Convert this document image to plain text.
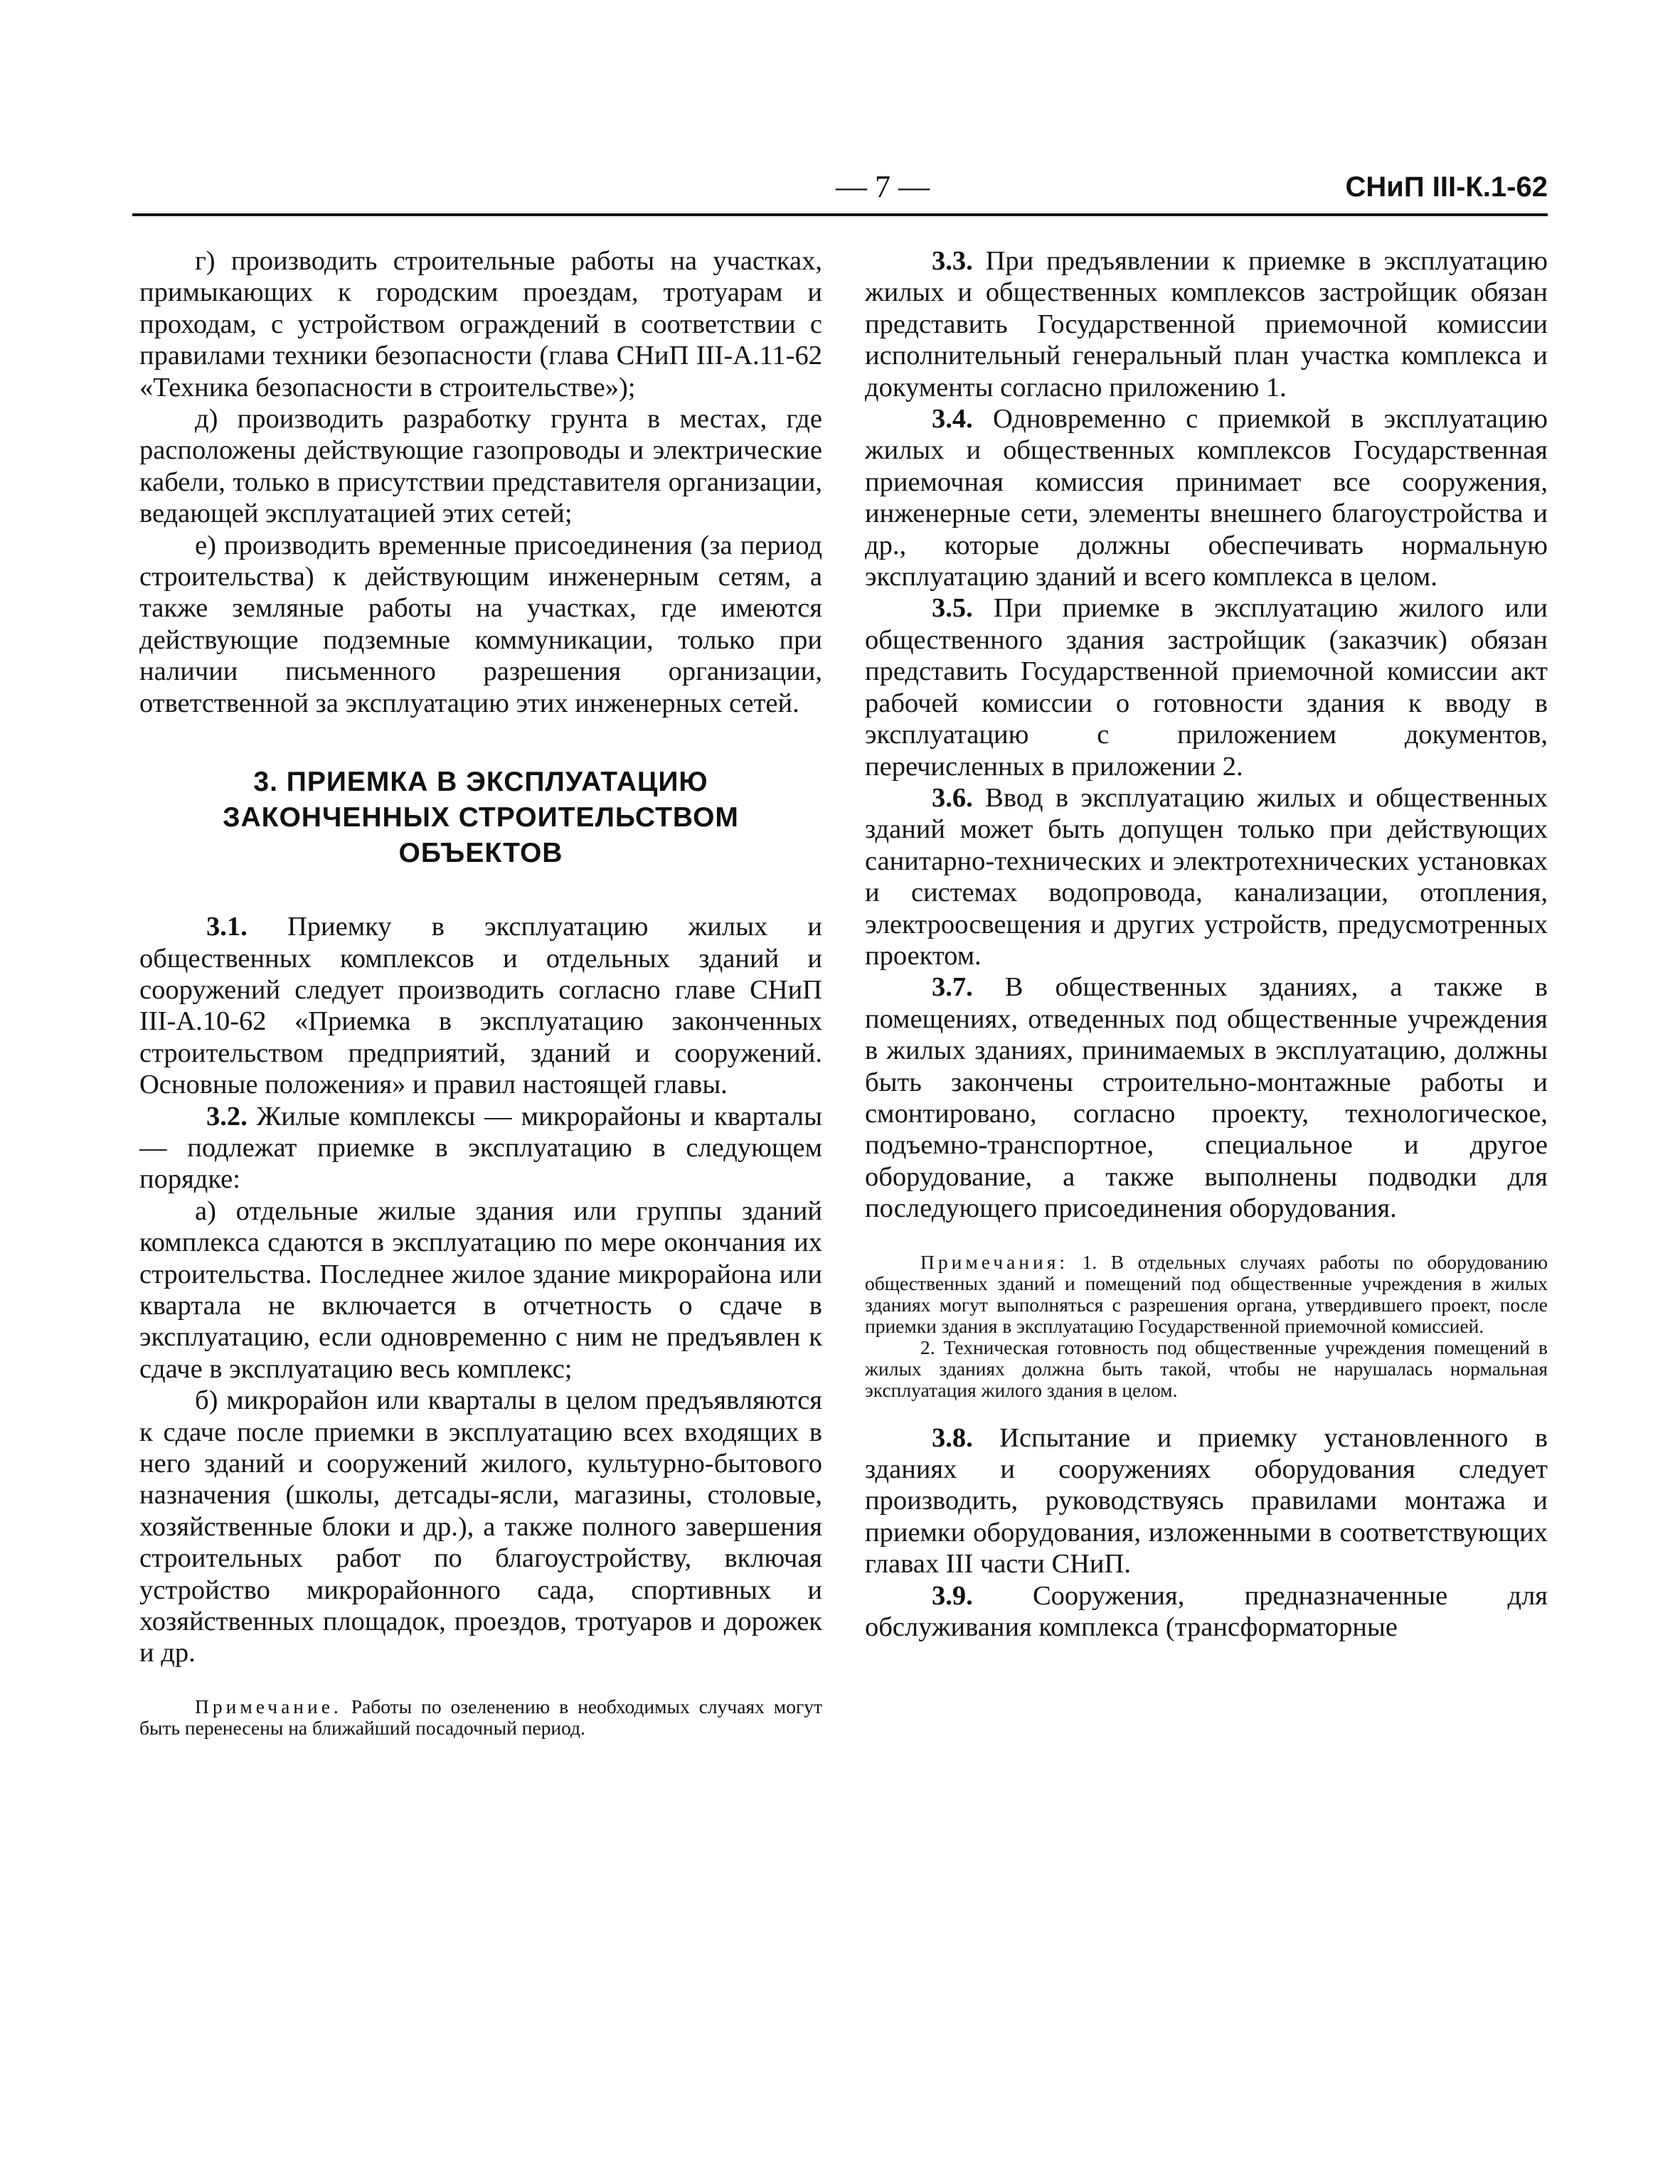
— 7 —	СНиП III-К.1-62

г) производить строительные работы на участках, примыкающих к городским проездам, тротуарам и проходам, с устройством ограждений в соответствии с правилами техники безопасности (глава СНиП III-А.11-62 «Техника безопасности в строительстве»);

д) производить разработку грунта в местах, где расположены действующие газопроводы и электрические кабели, только в присутствии представителя организации, ведающей эксплуатацией этих сетей;

е) производить временные присоединения (за период строительства) к действующим инженерным сетям, а также земляные работы на участках, где имеются действующие подземные коммуникации, только при наличии письменного разрешения организации, ответственной за эксплуатацию этих инженерных сетей.

3. ПРИЕМКА В ЭКСПЛУАТАЦИЮ ЗАКОНЧЕННЫХ СТРОИТЕЛЬСТВОМ ОБЪЕКТОВ

3.1. Приемку в эксплуатацию жилых и общественных комплексов и отдельных зданий и сооружений следует производить согласно главе СНиП III-А.10-62 «Приемка в эксплуатацию законченных строительством предприятий, зданий и сооружений. Основные положения» и правил настоящей главы.

3.2. Жилые комплексы — микрорайоны и кварталы — подлежат приемке в эксплуатацию в следующем порядке:

а) отдельные жилые здания или группы зданий комплекса сдаются в эксплуатацию по мере окончания их строительства. Последнее жилое здание микрорайона или квартала не включается в отчетность о сдаче в эксплуатацию, если одновременно с ним не предъявлен к сдаче в эксплуатацию весь комплекс;

б) микрорайон или кварталы в целом предъявляются к сдаче после приемки в эксплуатацию всех входящих в него зданий и сооружений жилого, культурно-бытового назначения (школы, детсады-ясли, магазины, столовые, хозяйственные блоки и др.), а также полного завершения строительных работ по благоустройству, включая устройство микрорайонного сада, спортивных и хозяйственных площадок, проездов, тротуаров и дорожек и др.

Примечание. Работы по озеленению в необходимых случаях могут быть перенесены на ближайший посадочный период.

3.3. При предъявлении к приемке в эксплуатацию жилых и общественных комплексов застройщик обязан представить Государственной приемочной комиссии исполнительный генеральный план участка комплекса и документы согласно приложению 1.

3.4. Одновременно с приемкой в эксплуатацию жилых и общественных комплексов Государственная приемочная комиссия принимает все сооружения, инженерные сети, элементы внешнего благоустройства и др., которые должны обеспечивать нормальную эксплуатацию зданий и всего комплекса в целом.

3.5. При приемке в эксплуатацию жилого или общественного здания застройщик (заказчик) обязан представить Государственной приемочной комиссии акт рабочей комиссии о готовности здания к вводу в эксплуатацию с приложением документов, перечисленных в приложении 2.

3.6. Ввод в эксплуатацию жилых и общественных зданий может быть допущен только при действующих санитарно-технических и электротехнических установках и системах водопровода, канализации, отопления, электроосвещения и других устройств, предусмотренных проектом.

3.7. В общественных зданиях, а также в помещениях, отведенных под общественные учреждения в жилых зданиях, принимаемых в эксплуатацию, должны быть закончены строительно-монтажные работы и смонтировано, согласно проекту, технологическое, подъемно-транспортное, специальное и другое оборудование, а также выполнены подводки для последующего присоединения оборудования.

Примечания: 1. В отдельных случаях работы по оборудованию общественных зданий и помещений под общественные учреждения в жилых зданиях могут выполняться с разрешения органа, утвердившего проект, после приемки здания в эксплуатацию Государственной приемочной комиссией.

2. Техническая готовность под общественные учреждения помещений в жилых зданиях должна быть такой, чтобы не нарушалась нормальная эксплуатация жилого здания в целом.

3.8. Испытание и приемку установленного в зданиях и сооружениях оборудования следует производить, руководствуясь правилами монтажа и приемки оборудования, изложенными в соответствующих главах III части СНиП.

3.9. Сооружения, предназначенные для обслуживания комплекса (трансформаторные
